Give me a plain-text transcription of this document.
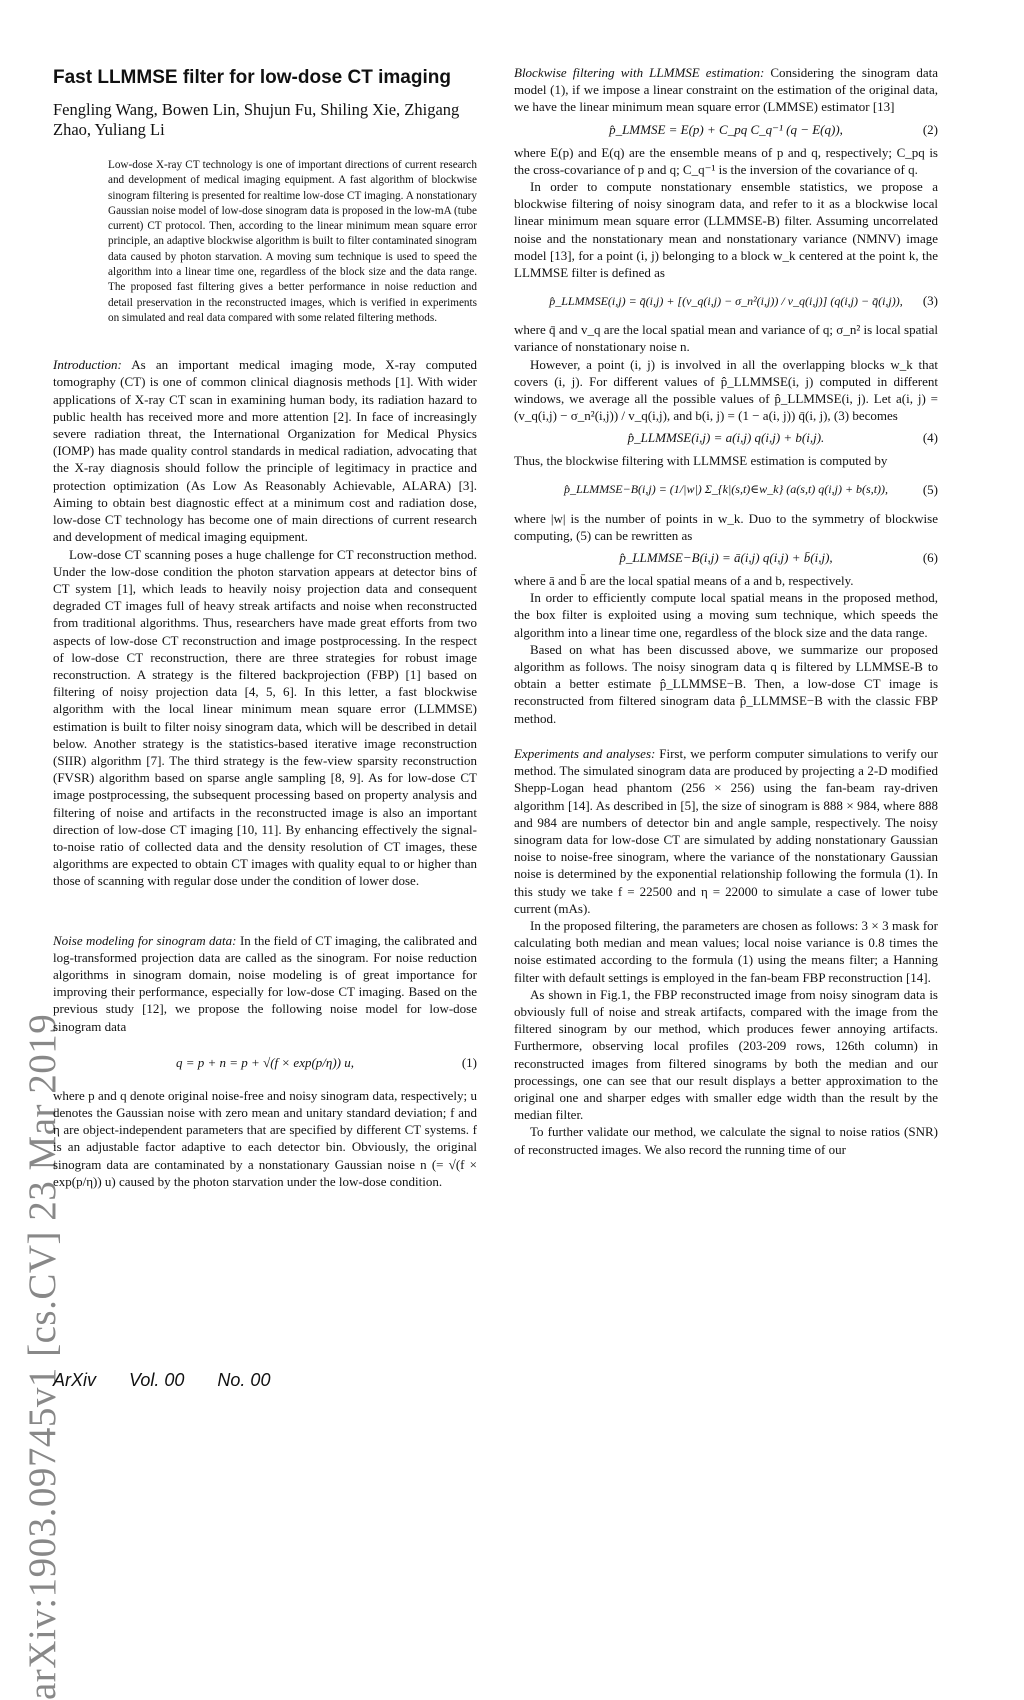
arXiv:1903.09745v1 [cs.CV] 23 Mar 2019
Fast LLMMSE filter for low-dose CT imaging
Fengling Wang, Bowen Lin, Shujun Fu, Shiling Xie, Zhigang Zhao, Yuliang Li

Low-dose X-ray CT technology is one of important directions of current research and development of medical imaging equipment. A fast algorithm of blockwise sinogram filtering is presented for realtime low-dose CT imaging. A nonstationary Gaussian noise model of low-dose sinogram data is proposed in the low-mA (tube current) CT protocol. Then, according to the linear minimum mean square error principle, an adaptive blockwise algorithm is built to filter contaminated sinogram data caused by photon starvation. A moving sum technique is used to speed the algorithm into a linear time one, regardless of the block size and the data range. The proposed fast filtering gives a better performance in noise reduction and detail preservation in the reconstructed images, which is verified in experiments on simulated and real data compared with some related filtering methods.

Introduction: As an important medical imaging mode, X-ray computed tomography (CT) is one of common clinical diagnosis methods [1]. With wider applications of X-ray CT scan in examining human body, its radiation hazard to public health has received more and more attention [2]. In face of increasingly severe radiation threat, the International Organization for Medical Physics (IOMP) has made quality control standards in medical radiation, advocating that the X-ray diagnosis should follow the principle of legitimacy in practice and protection optimization (As Low As Reasonably Achievable, ALARA) [3]. Aiming to obtain best diagnostic effect at a minimum cost and radiation dose, low-dose CT technology has become one of main directions of current research and development of medical imaging equipment.

Low-dose CT scanning poses a huge challenge for CT reconstruction method. Under the low-dose condition the photon starvation appears at detector bins of CT system [1], which leads to heavily noisy projection data and consequent degraded CT images full of heavy streak artifacts and noise when reconstructed from traditional algorithms. Thus, researchers have made great efforts from two aspects of low-dose CT reconstruction and image postprocessing. In the respect of low-dose CT reconstruction, there are three strategies for robust image reconstruction. A strategy is the filtered backprojection (FBP) [1] based on filtering of noisy projection data [4, 5, 6]. In this letter, a fast blockwise algorithm with the local linear minimum mean square error (LLMMSE) estimation is built to filter noisy sinogram data, which will be described in detail below. Another strategy is the statistics-based iterative image reconstruction (SIIR) algorithm [7]. The third strategy is the few-view sparsity reconstruction (FVSR) algorithm based on sparse angle sampling [8, 9]. As for low-dose CT image postprocessing, the subsequent processing based on property analysis and filtering of noise and artifacts in the reconstructed image is also an important direction of low-dose CT imaging [10, 11]. By enhancing effectively the signal-to-noise ratio of collected data and the density resolution of CT images, these algorithms are expected to obtain CT images with quality equal to or higher than those of scanning with regular dose under the condition of lower dose.

Noise modeling for sinogram data: In the field of CT imaging, the calibrated and log-transformed projection data are called as the sinogram. For noise reduction algorithms in sinogram domain, noise modeling is of great importance for improving their performance, especially for low-dose CT imaging. Based on the previous study [12], we propose the following noise model for low-dose sinogram data

q = p + n = p + √(f × exp(p/η)) u,	(1)

where p and q denote original noise-free and noisy sinogram data, respectively; u denotes the Gaussian noise with zero mean and unitary standard deviation; f and η are object-independent parameters that are specified by different CT systems. f is an adjustable factor adaptive to each detector bin. Obviously, the original sinogram data are contaminated by a nonstationary Gaussian noise n (= √(f × exp(p/η)) u) caused by the photon starvation under the low-dose condition.

Blockwise filtering with LLMMSE estimation: Considering the sinogram data model (1), if we impose a linear constraint on the estimation of the original data, we have the linear minimum mean square error (LMMSE) estimator [13]

p̂_LMMSE = E(p) + C_pq C_q⁻¹ (q − E(q)),	(2)

where E(p) and E(q) are the ensemble means of p and q, respectively; C_pq is the cross-covariance of p and q; C_q⁻¹ is the inversion of the covariance of q.

In order to compute nonstationary ensemble statistics, we propose a blockwise filtering of noisy sinogram data, and refer to it as a blockwise local linear minimum mean square error (LLMMSE-B) filter. Assuming uncorrelated noise and the nonstationary mean and nonstationary variance (NMNV) image model [13], for a point (i, j) belonging to a block w_k centered at the point k, the LLMMSE filter is defined as

p̂_LLMMSE(i,j) = q̄(i,j) + [(v_q(i,j) − σ_n²(i,j)) / v_q(i,j)] (q(i,j) − q̄(i,j)), (3)

where q̄ and v_q are the local spatial mean and variance of q; σ_n² is local spatial variance of nonstationary noise n.

However, a point (i, j) is involved in all the overlapping blocks w_k that covers (i, j). For different values of p̂_LLMMSE(i, j) computed in different windows, we average all the possible values of p̂_LLMMSE(i, j). Let a(i, j) = (v_q(i,j) − σ_n²(i,j)) / v_q(i,j), and b(i, j) = (1 − a(i, j)) q̄(i, j), (3) becomes

p̂_LLMMSE(i,j) = a(i,j) q(i,j) + b(i,j).	(4)

Thus, the blockwise filtering with LLMMSE estimation is computed by

p̂_LLMMSE−B(i,j) = (1/|w|) Σ_{k|(s,t)∈w_k} (a(s,t) q(i,j) + b(s,t)),	(5)

where |w| is the number of points in w_k. Duo to the symmetry of blockwise computing, (5) can be rewritten as

p̂_LLMMSE−B(i,j) = ā(i,j) q(i,j) + b̄(i,j),	(6)

where ā and b̄ are the local spatial means of a and b, respectively.

In order to efficiently compute local spatial means in the proposed method, the box filter is exploited using a moving sum technique, which speeds the algorithm into a linear time one, regardless of the block size and the data range.

Based on what has been discussed above, we summarize our proposed algorithm as follows. The noisy sinogram data q is filtered by LLMMSE-B to obtain a better estimate p̂_LLMMSE−B. Then, a low-dose CT image is reconstructed from filtered sinogram data p̂_LLMMSE−B with the classic FBP method.

Experiments and analyses: First, we perform computer simulations to verify our method. The simulated sinogram data are produced by projecting a 2-D modified Shepp-Logan head phantom (256 × 256) using the fan-beam ray-driven algorithm [14]. As described in [5], the size of sinogram is 888 × 984, where 888 and 984 are numbers of detector bin and angle sample, respectively. The noisy sinogram data for low-dose CT are simulated by adding nonstationary Gaussian noise to noise-free sinogram, where the variance of the nonstationary Gaussian noise is determined by the exponential relationship following the formula (1). In this study we take f = 22500 and η = 22000 to simulate a case of lower tube current (mAs).

In the proposed filtering, the parameters are chosen as follows: 3 × 3 mask for calculating both median and mean values; local noise variance is 0.8 times the noise estimated according to the formula (1) using the means filter; a Hanning filter with default settings is employed in the fan-beam FBP reconstruction [14].

As shown in Fig.1, the FBP reconstructed image from noisy sinogram data is obviously full of noise and streak artifacts, compared with the image from the filtered sinogram by our method, which produces fewer annoying artifacts. Furthermore, observing local profiles (203-209 rows, 126th column) in reconstructed images from filtered sinograms by both the median and our processings, one can see that our result displays a better approximation to the original one and sharper edges with smaller edge width than the result by the median filter.

To further validate our method, we calculate the signal to noise ratios (SNR) of reconstructed images. We also record the running time of our

ArXiv Vol. 00 No. 00
